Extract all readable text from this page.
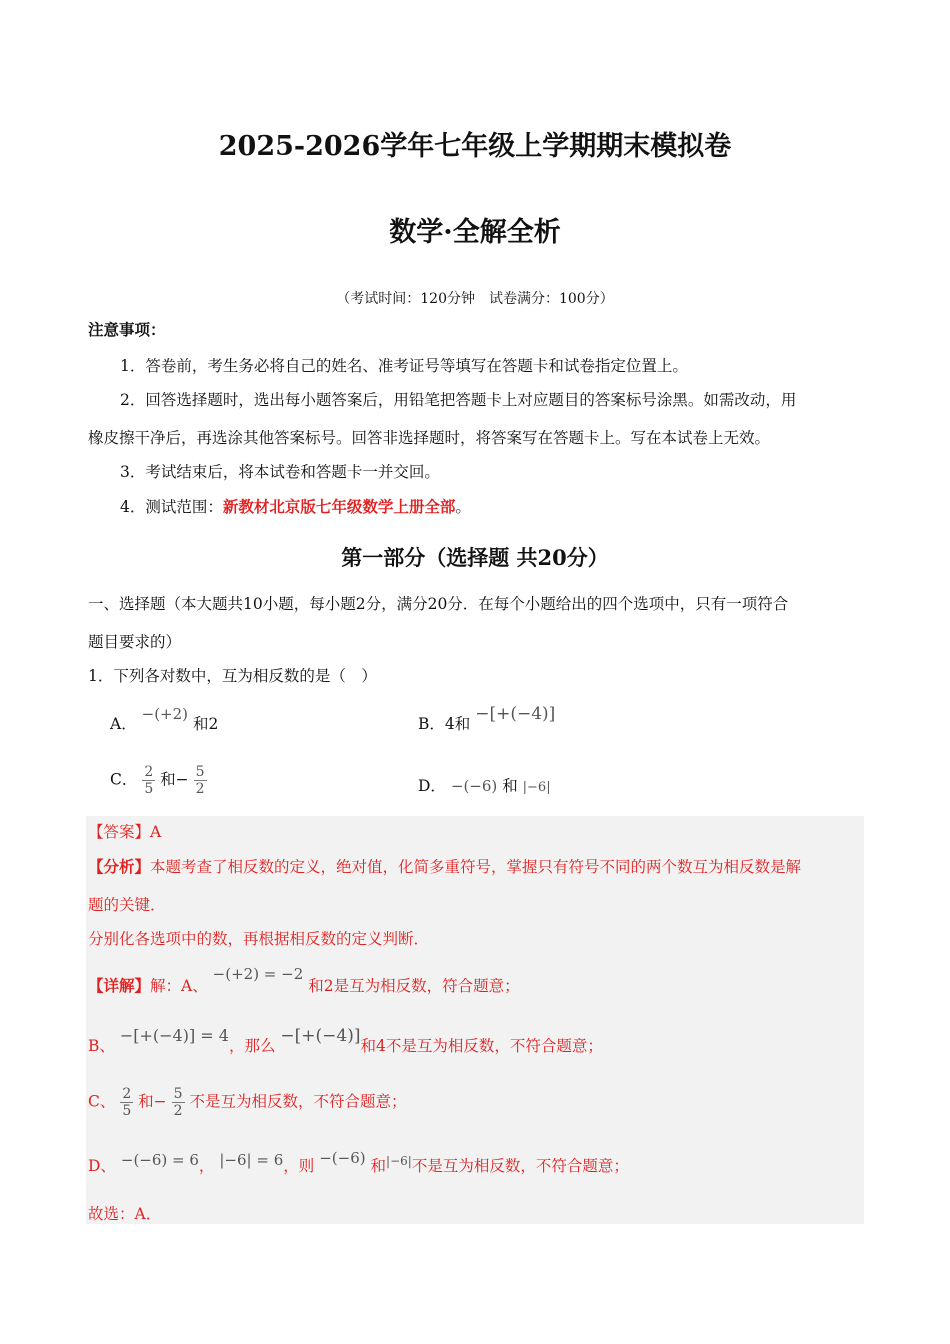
2025-2026学年七年级上学期期末模拟卷
数学·全解全析
（考试时间：120分钟　试卷满分：100分）
注意事项：
1．答卷前，考生务必将自己的姓名、准考证号等填写在答题卡和试卷指定位置上。
2．回答选择题时，选出每小题答案后，用铅笔把答题卡上对应题目的答案标号涂黑。如需改动，用
橡皮擦干净后，再选涂其他答案标号。回答非选择题时，将答案写在答题卡上。写在本试卷上无效。
3．考试结束后，将本试卷和答题卡一并交回。
4．测试范围：新教材北京版七年级数学上册全部。
第一部分（选择题 共20分）
一、选择题（本大题共10小题，每小题2分，满分20分．在每个小题给出的四个选项中，只有一项符合
题目要求的）
1．下列各对数中，互为相反数的是（　）
A． −(+2) 和2	B．4和 −[+(−4)]
C． $\frac{2}{5}$ 和− $\frac{5}{2}$	D． −(−6) 和 |−6|
【答案】A
【分析】本题考查了相反数的定义，绝对值，化简多重符号，掌握只有符号不同的两个数互为相反数是解
题的关键．
分别化各选项中的数，再根据相反数的定义判断．
【详解】解：A、 −(+2) = −2 和2是互为相反数，符合题意；
B、 −[+(−4)] = 4，那么 −[+(−4)]和4不是互为相反数，不符合题意；
C、 $\frac{2}{5}$ 和− $\frac{5}{2}$ 不是互为相反数，不符合题意；
D、 −(−6) = 6， |−6| = 6，则 −(−6) 和$^{|-6|}$不是互为相反数，不符合题意；
故选：A．
